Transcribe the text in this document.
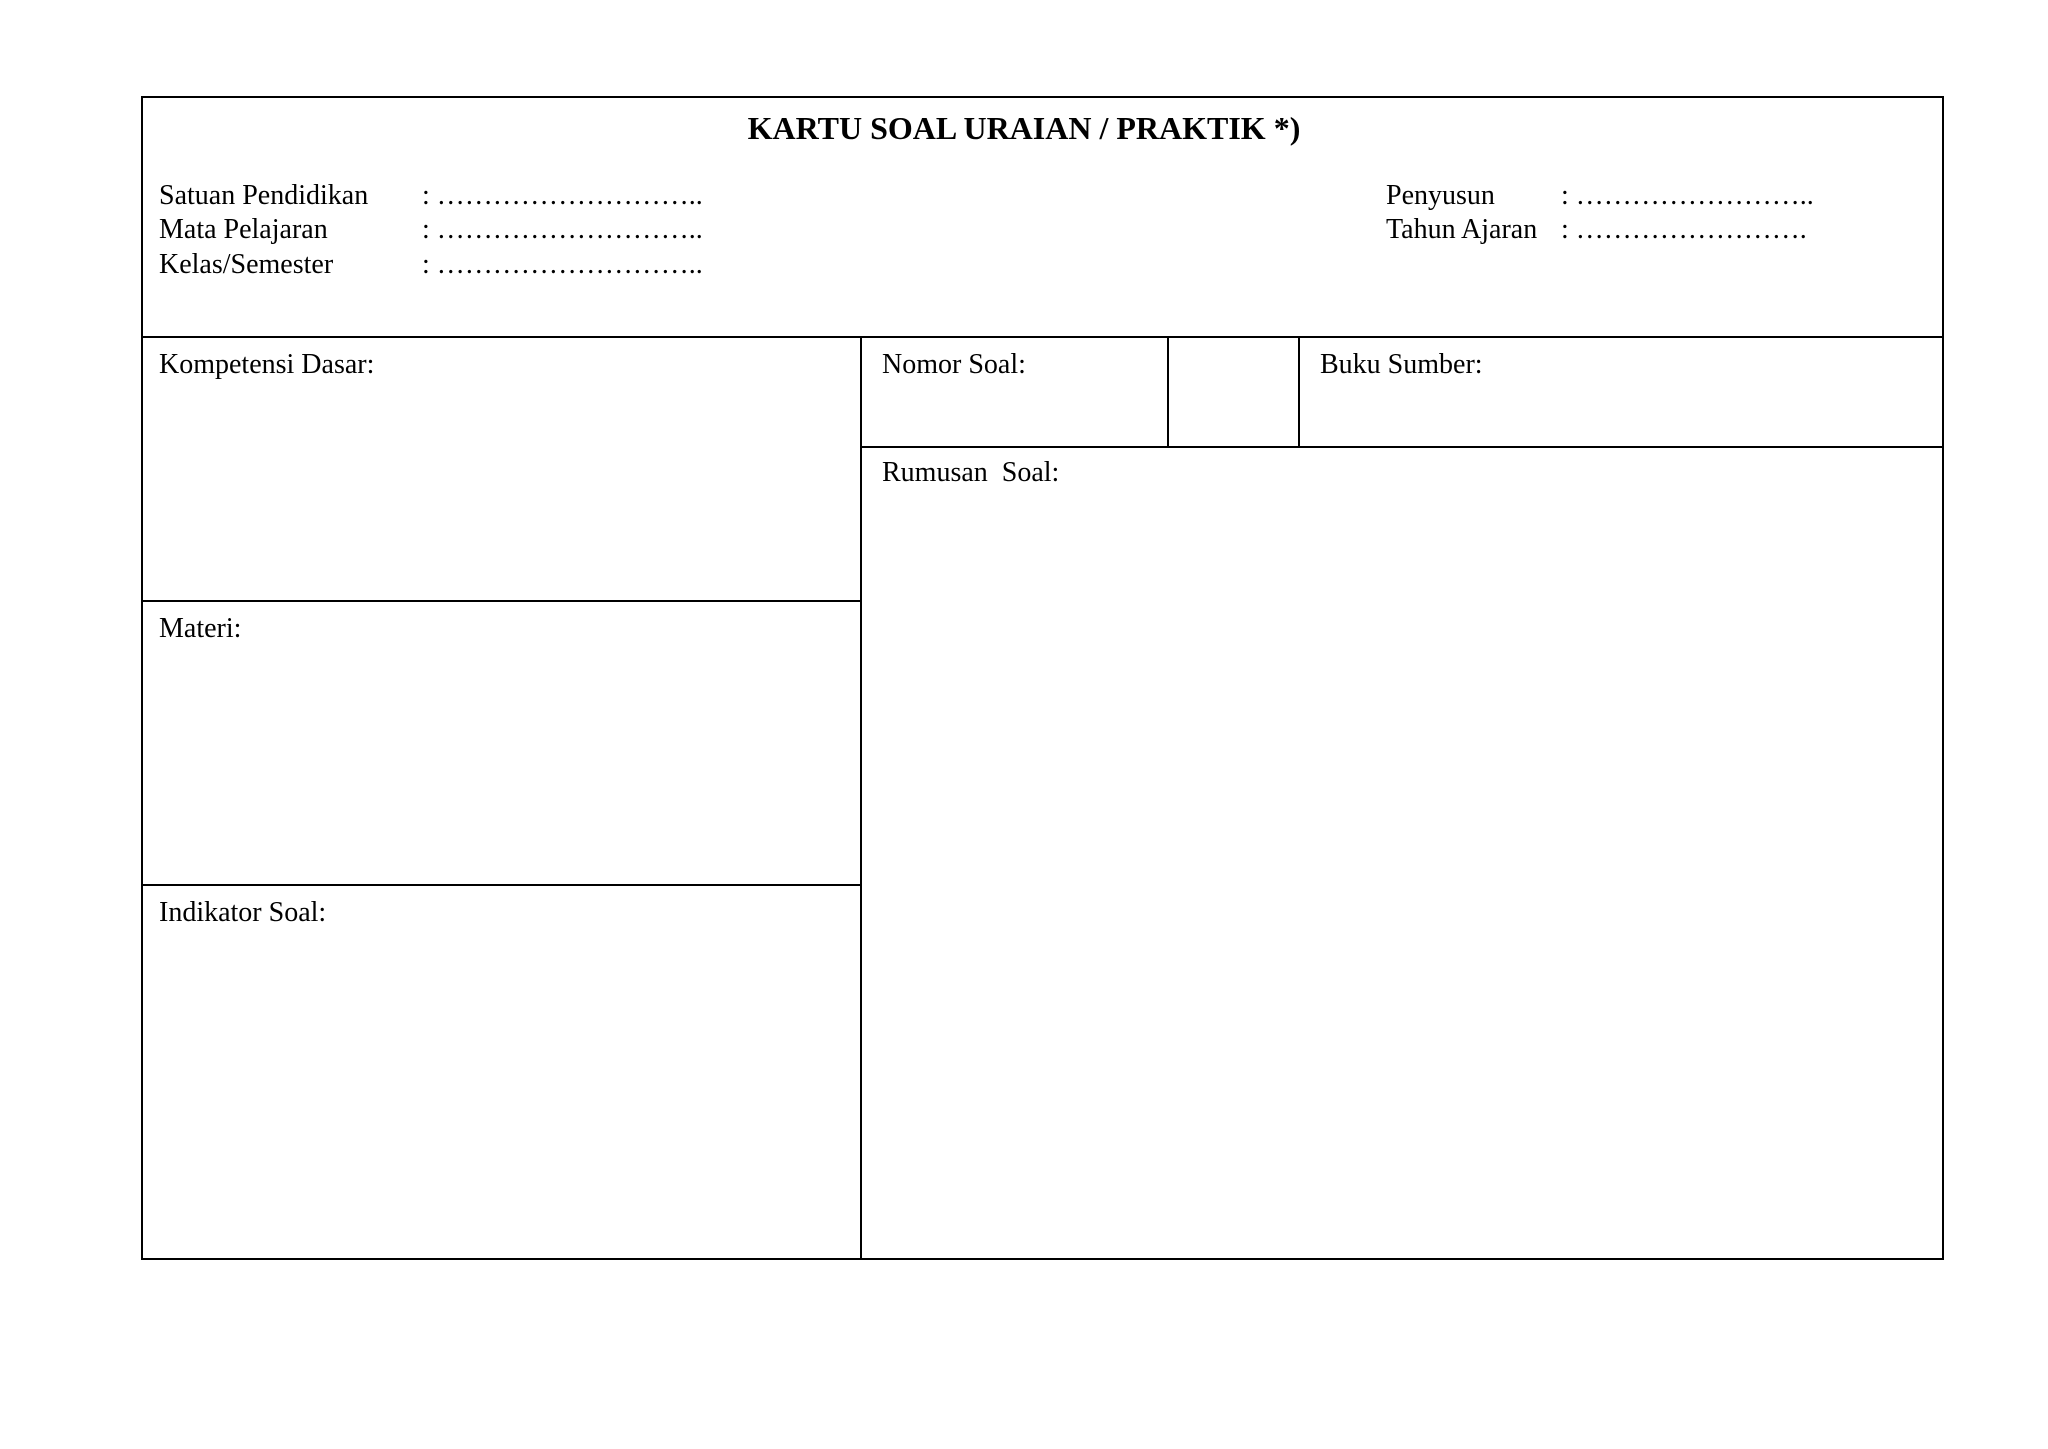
KARTU SOAL URAIAN / PRAKTIK *)
Satuan Pendidikan : ………………………..
Mata Pelajaran	: ………………………..
Kelas/Semester	: ………………………..
Penyusun : ……………………..
Tahun Ajaran : …………………….
Kompetensi Dasar:
Materi:
Indikator Soal:
Nomor Soal:	Buku Sumber:
Rumusan  Soal:
